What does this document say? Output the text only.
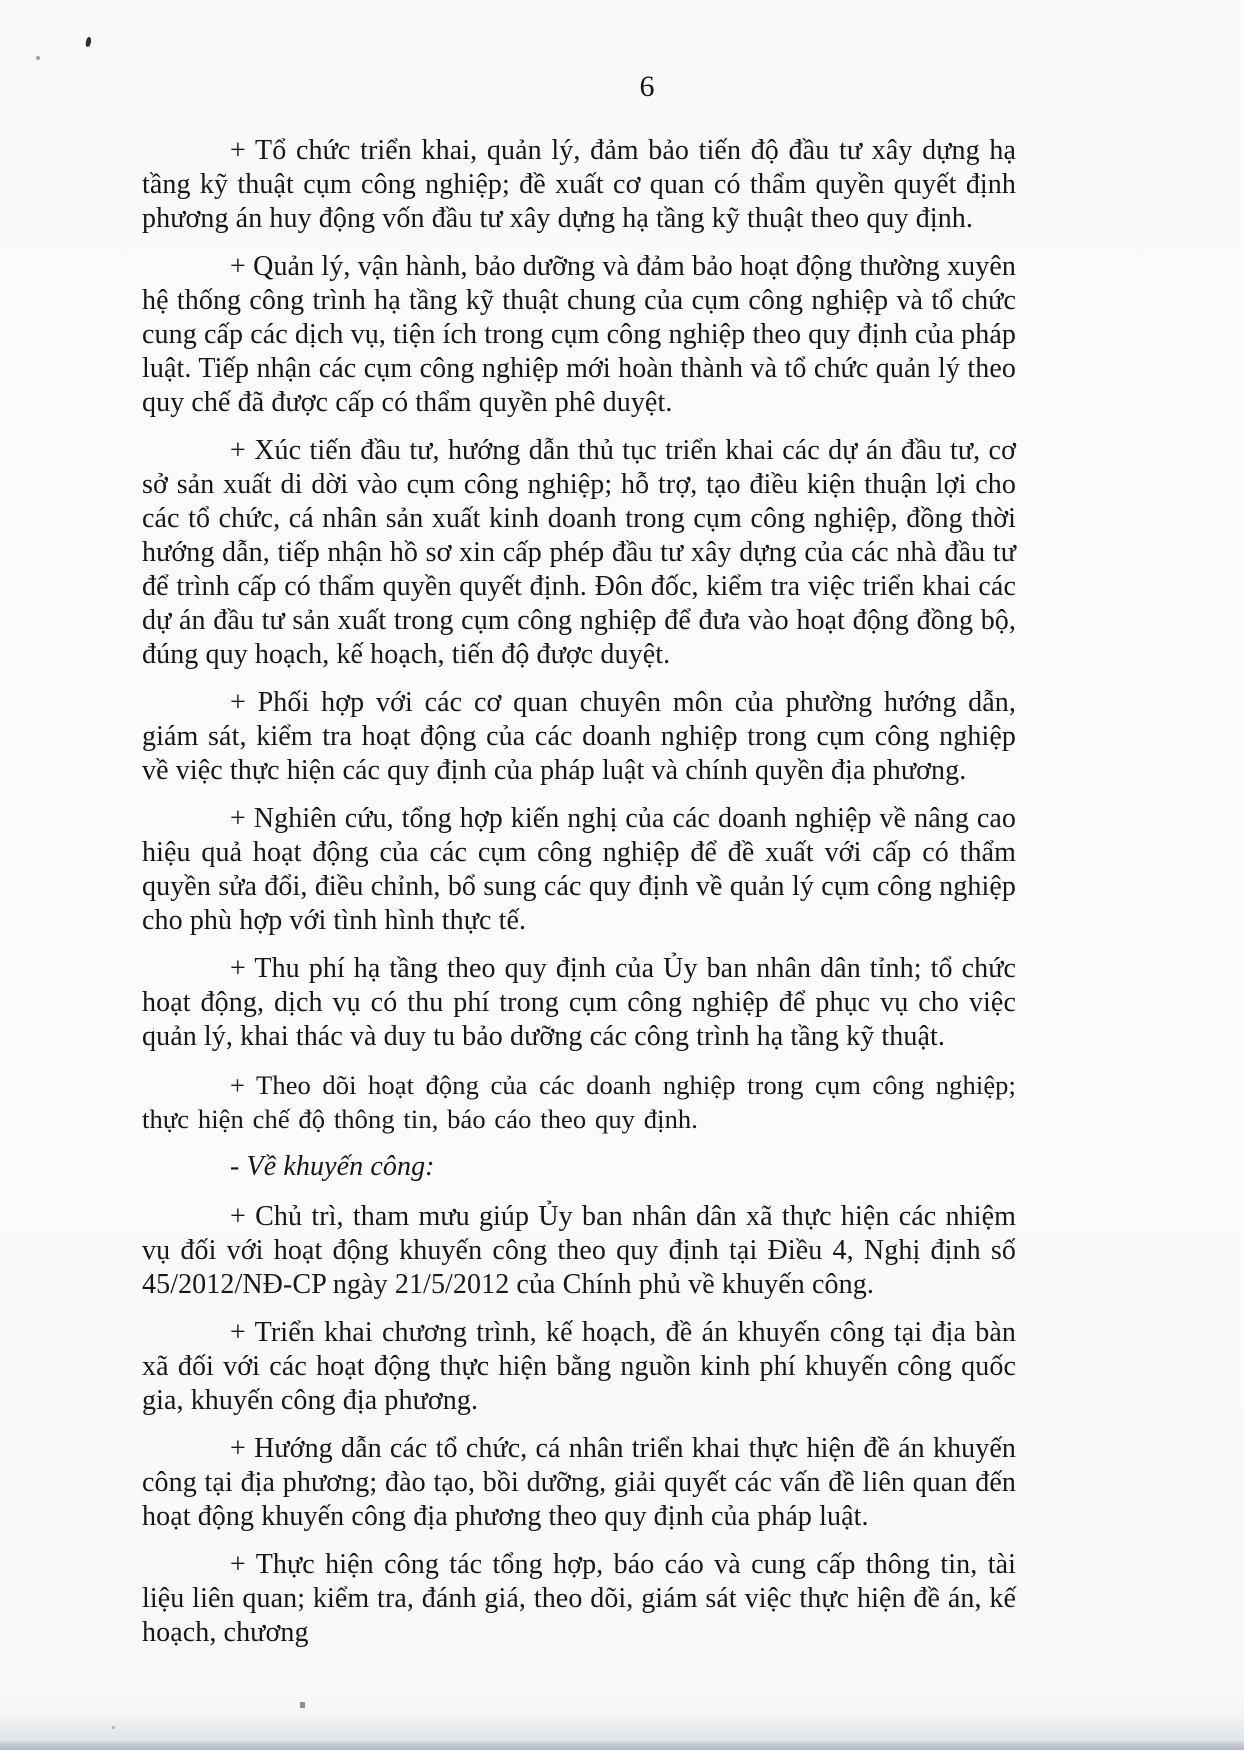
6

+ Tổ chức triển khai, quản lý, đảm bảo tiến độ đầu tư xây dựng hạ tầng kỹ thuật cụm công nghiệp; đề xuất cơ quan có thẩm quyền quyết định phương án huy động vốn đầu tư xây dựng hạ tầng kỹ thuật theo quy định.

+ Quản lý, vận hành, bảo dưỡng và đảm bảo hoạt động thường xuyên hệ thống công trình hạ tầng kỹ thuật chung của cụm công nghiệp và tổ chức cung cấp các dịch vụ, tiện ích trong cụm công nghiệp theo quy định của pháp luật. Tiếp nhận các cụm công nghiệp mới hoàn thành và tổ chức quản lý theo quy chế đã được cấp có thẩm quyền phê duyệt.

+ Xúc tiến đầu tư, hướng dẫn thủ tục triển khai các dự án đầu tư, cơ sở sản xuất di dời vào cụm công nghiệp; hỗ trợ, tạo điều kiện thuận lợi cho các tổ chức, cá nhân sản xuất kinh doanh trong cụm công nghiệp, đồng thời hướng dẫn, tiếp nhận hồ sơ xin cấp phép đầu tư xây dựng của các nhà đầu tư để trình cấp có thẩm quyền quyết định. Đôn đốc, kiểm tra việc triển khai các dự án đầu tư sản xuất trong cụm công nghiệp để đưa vào hoạt động đồng bộ, đúng quy hoạch, kế hoạch, tiến độ được duyệt.

+ Phối hợp với các cơ quan chuyên môn của phường hướng dẫn, giám sát, kiểm tra hoạt động của các doanh nghiệp trong cụm công nghiệp về việc thực hiện các quy định của pháp luật và chính quyền địa phương.

+ Nghiên cứu, tổng hợp kiến nghị của các doanh nghiệp về nâng cao hiệu quả hoạt động của các cụm công nghiệp để đề xuất với cấp có thẩm quyền sửa đổi, điều chỉnh, bổ sung các quy định về quản lý cụm công nghiệp cho phù hợp với tình hình thực tế.

+ Thu phí hạ tầng theo quy định của Ủy ban nhân dân tỉnh; tổ chức hoạt động, dịch vụ có thu phí trong cụm công nghiệp để phục vụ cho việc quản lý, khai thác và duy tu bảo dưỡng các công trình hạ tầng kỹ thuật.

+ Theo dõi hoạt động của các doanh nghiệp trong cụm công nghiệp; thực hiện chế độ thông tin, báo cáo theo quy định.

- Về khuyến công:

+ Chủ trì, tham mưu giúp Ủy ban nhân dân xã thực hiện các nhiệm vụ đối với hoạt động khuyến công theo quy định tại Điều 4, Nghị định số 45/2012/NĐ-CP ngày 21/5/2012 của Chính phủ về khuyến công.

+ Triển khai chương trình, kế hoạch, đề án khuyến công tại địa bàn xã đối với các hoạt động thực hiện bằng nguồn kinh phí khuyến công quốc gia, khuyến công địa phương.

+ Hướng dẫn các tổ chức, cá nhân triển khai thực hiện đề án khuyến công tại địa phương; đào tạo, bồi dưỡng, giải quyết các vấn đề liên quan đến hoạt động khuyến công địa phương theo quy định của pháp luật.

+ Thực hiện công tác tổng hợp, báo cáo và cung cấp thông tin, tài liệu liên quan; kiểm tra, đánh giá, theo dõi, giám sát việc thực hiện đề án, kế hoạch, chương
